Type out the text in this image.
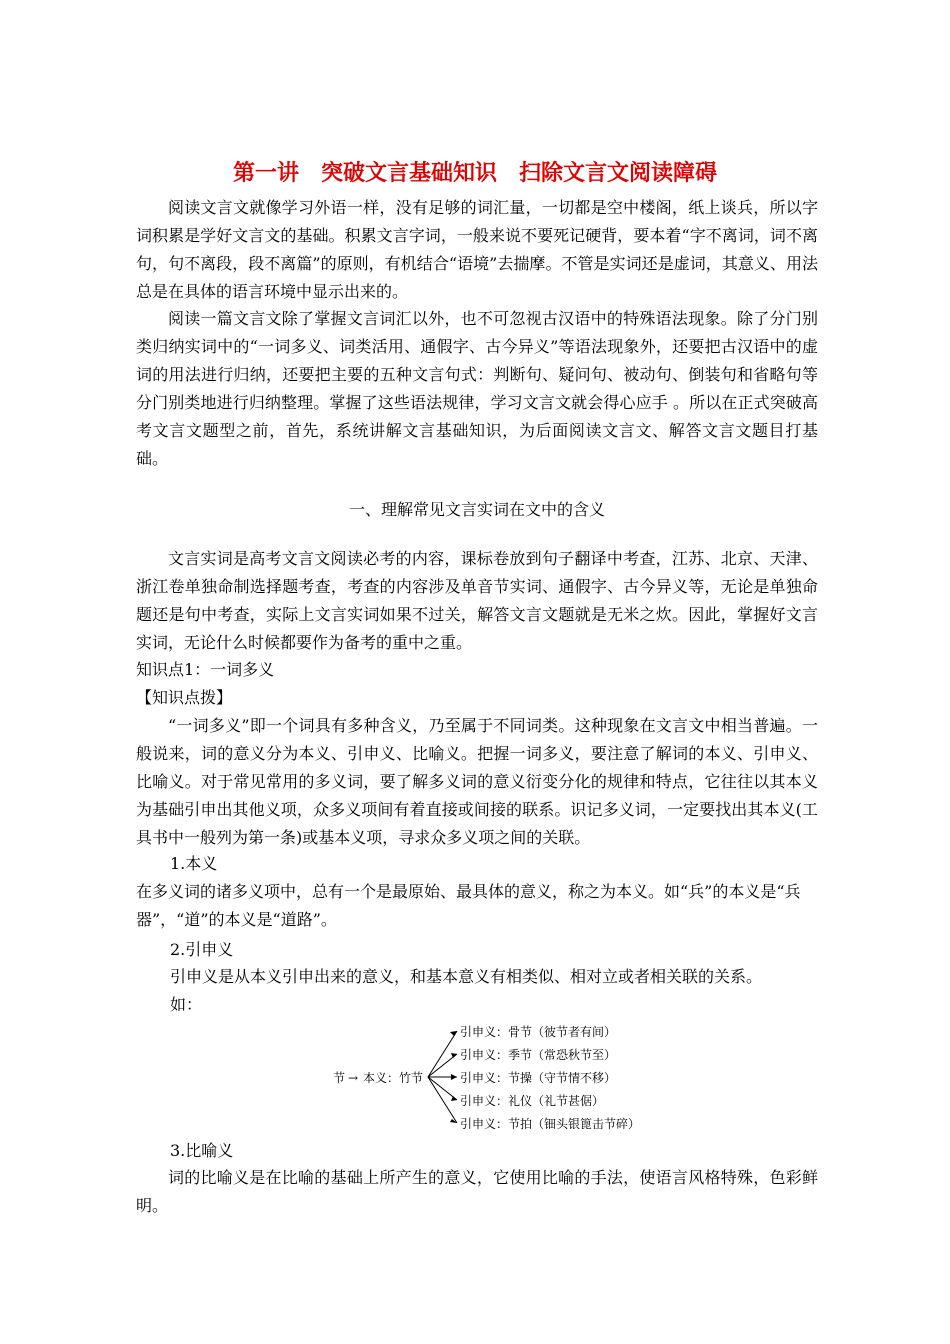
第一讲　突破文言基础知识　扫除文言文阅读障碍
阅读文言文就像学习外语一样，没有足够的词汇量，一切都是空中楼阁，纸上谈兵，所以字词积累是学好文言文的基础。积累文言字词，一般来说不要死记硬背，要本着“字不离词，词不离句，句不离段，段不离篇”的原则，有机结合“语境”去揣摩。不管是实词还是虚词，其意义、用法总是在具体的语言环境中显示出来的。
阅读一篇文言文除了掌握文言词汇以外，也不可忽视古汉语中的特殊语法现象。除了分门别类归纳实词中的“一词多义、词类活用、通假字、古今异义”等语法现象外，还要把古汉语中的虚词的用法进行归纳，还要把主要的五种文言句式：判断句、疑问句、被动句、倒装句和省略句等分门别类地进行归纳整理。掌握了这些语法规律，学习文言文就会得心应手 。所以在正式突破高考文言文题型之前，首先，系统讲解文言基础知识，为后面阅读文言文、解答文言文题目打基础。
一、理解常见文言实词在文中的含义
文言实词是高考文言文阅读必考的内容，课标卷放到句子翻译中考查，江苏、北京、天津、浙江卷单独命制选择题考查，考查的内容涉及单音节实词、通假字、古今异义等，无论是单独命题还是句中考查，实际上文言实词如果不过关，解答文言文题就是无米之炊。因此，掌握好文言实词，无论什么时候都要作为备考的重中之重。
知识点1：一词多义
【知识点拨】
“一词多义”即一个词具有多种含义，乃至属于不同词类。这种现象在文言文中相当普遍。一般说来，词的意义分为本义、引申义、比喻义。把握一词多义，要注意了解词的本义、引申义、比喻义。对于常见常用的多义词，要了解多义词的意义衍变分化的规律和特点，它往往以其本义为基础引申出其他义项，众多义项间有着直接或间接的联系。识记多义词，一定要找出其本义(工具书中一般列为第一条)或基本义项，寻求众多义项之间的关联。
1.本义
在多义词的诸多义项中，总有一个是最原始、最具体的意义，称之为本义。如“兵”的本义是“兵器”，“道”的本义是“道路”。
2.引申义
引申义是从本义引申出来的意义，和基本意义有相类似、相对立或者相关联的关系。
如：
节 → 本义：竹节
引申义：骨节（彼节者有间）
引申义：季节（常恐秋节至）
引申义：节操（守节情不移）
引申义：礼仪（礼节甚倨）
引申义：节拍（钿头银篦击节碎）
3.比喻义
词的比喻义是在比喻的基础上所产生的意义，它使用比喻的手法，使语言风格特殊，色彩鲜明。
